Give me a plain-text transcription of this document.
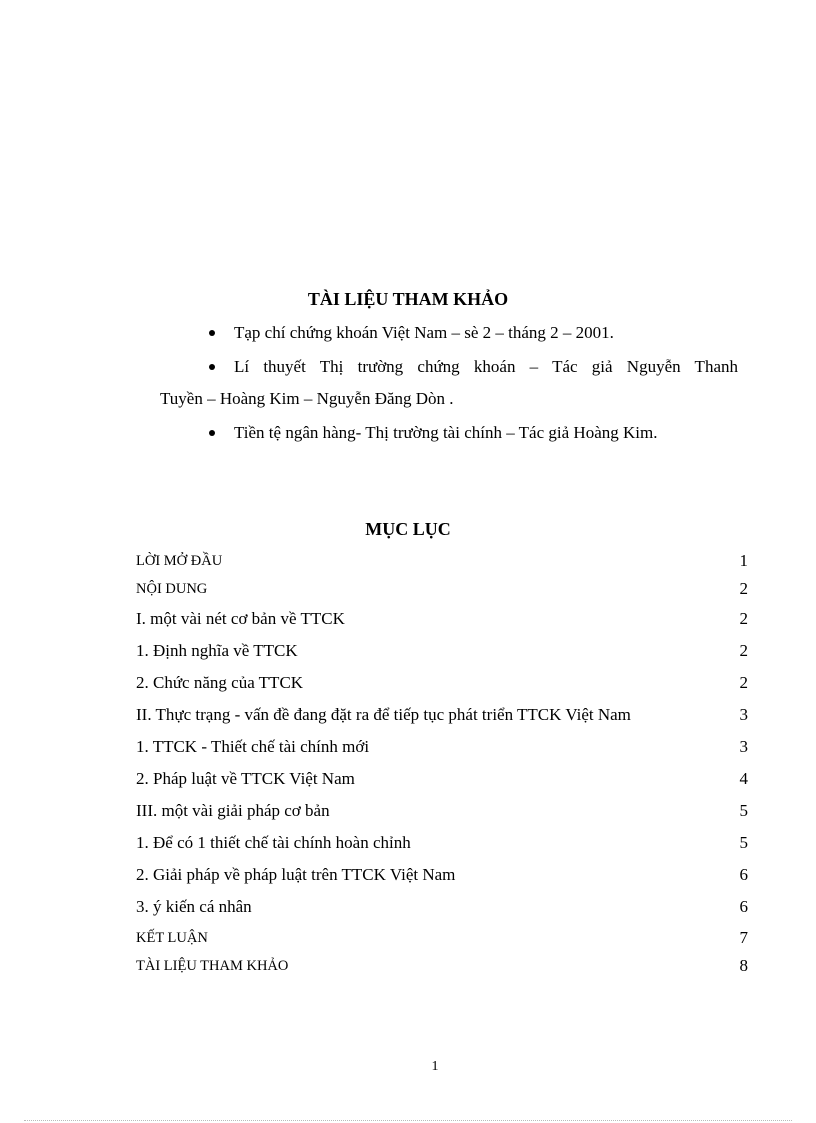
TÀI LIỆU THAM KHẢO
Tạp chí chứng khoán Việt Nam – sè 2 – tháng 2 – 2001.
Lí thuyết Thị trường chứng khoán – Tác giả Nguyễn Thanh
Tuyền – Hoàng Kim – Nguyễn Đăng Dòn .
Tiền tệ ngân hàng- Thị trường tài chính – Tác giả Hoàng Kim.
MỤC LỤC
LỜI MỞ ĐẦU	1
NỘI DUNG	2
I. một vài nét cơ bản về TTCK	2
1. Định nghĩa về TTCK	2
2. Chức năng của TTCK	2
II. Thực trạng - vấn đề đang đặt ra để tiếp tục phát triển TTCK Việt Nam	3
1. TTCK - Thiết chế tài chính mới	3
2. Pháp luật về TTCK Việt Nam	4
III. một vài giải pháp cơ bản	5
1. Để có 1 thiết chế tài chính hoàn chỉnh	5
2. Giải pháp về pháp luật trên TTCK Việt Nam	6
3. ý kiến cá nhân	6
KẾT LUẬN	7
TÀI LIỆU THAM KHẢO	8
1
